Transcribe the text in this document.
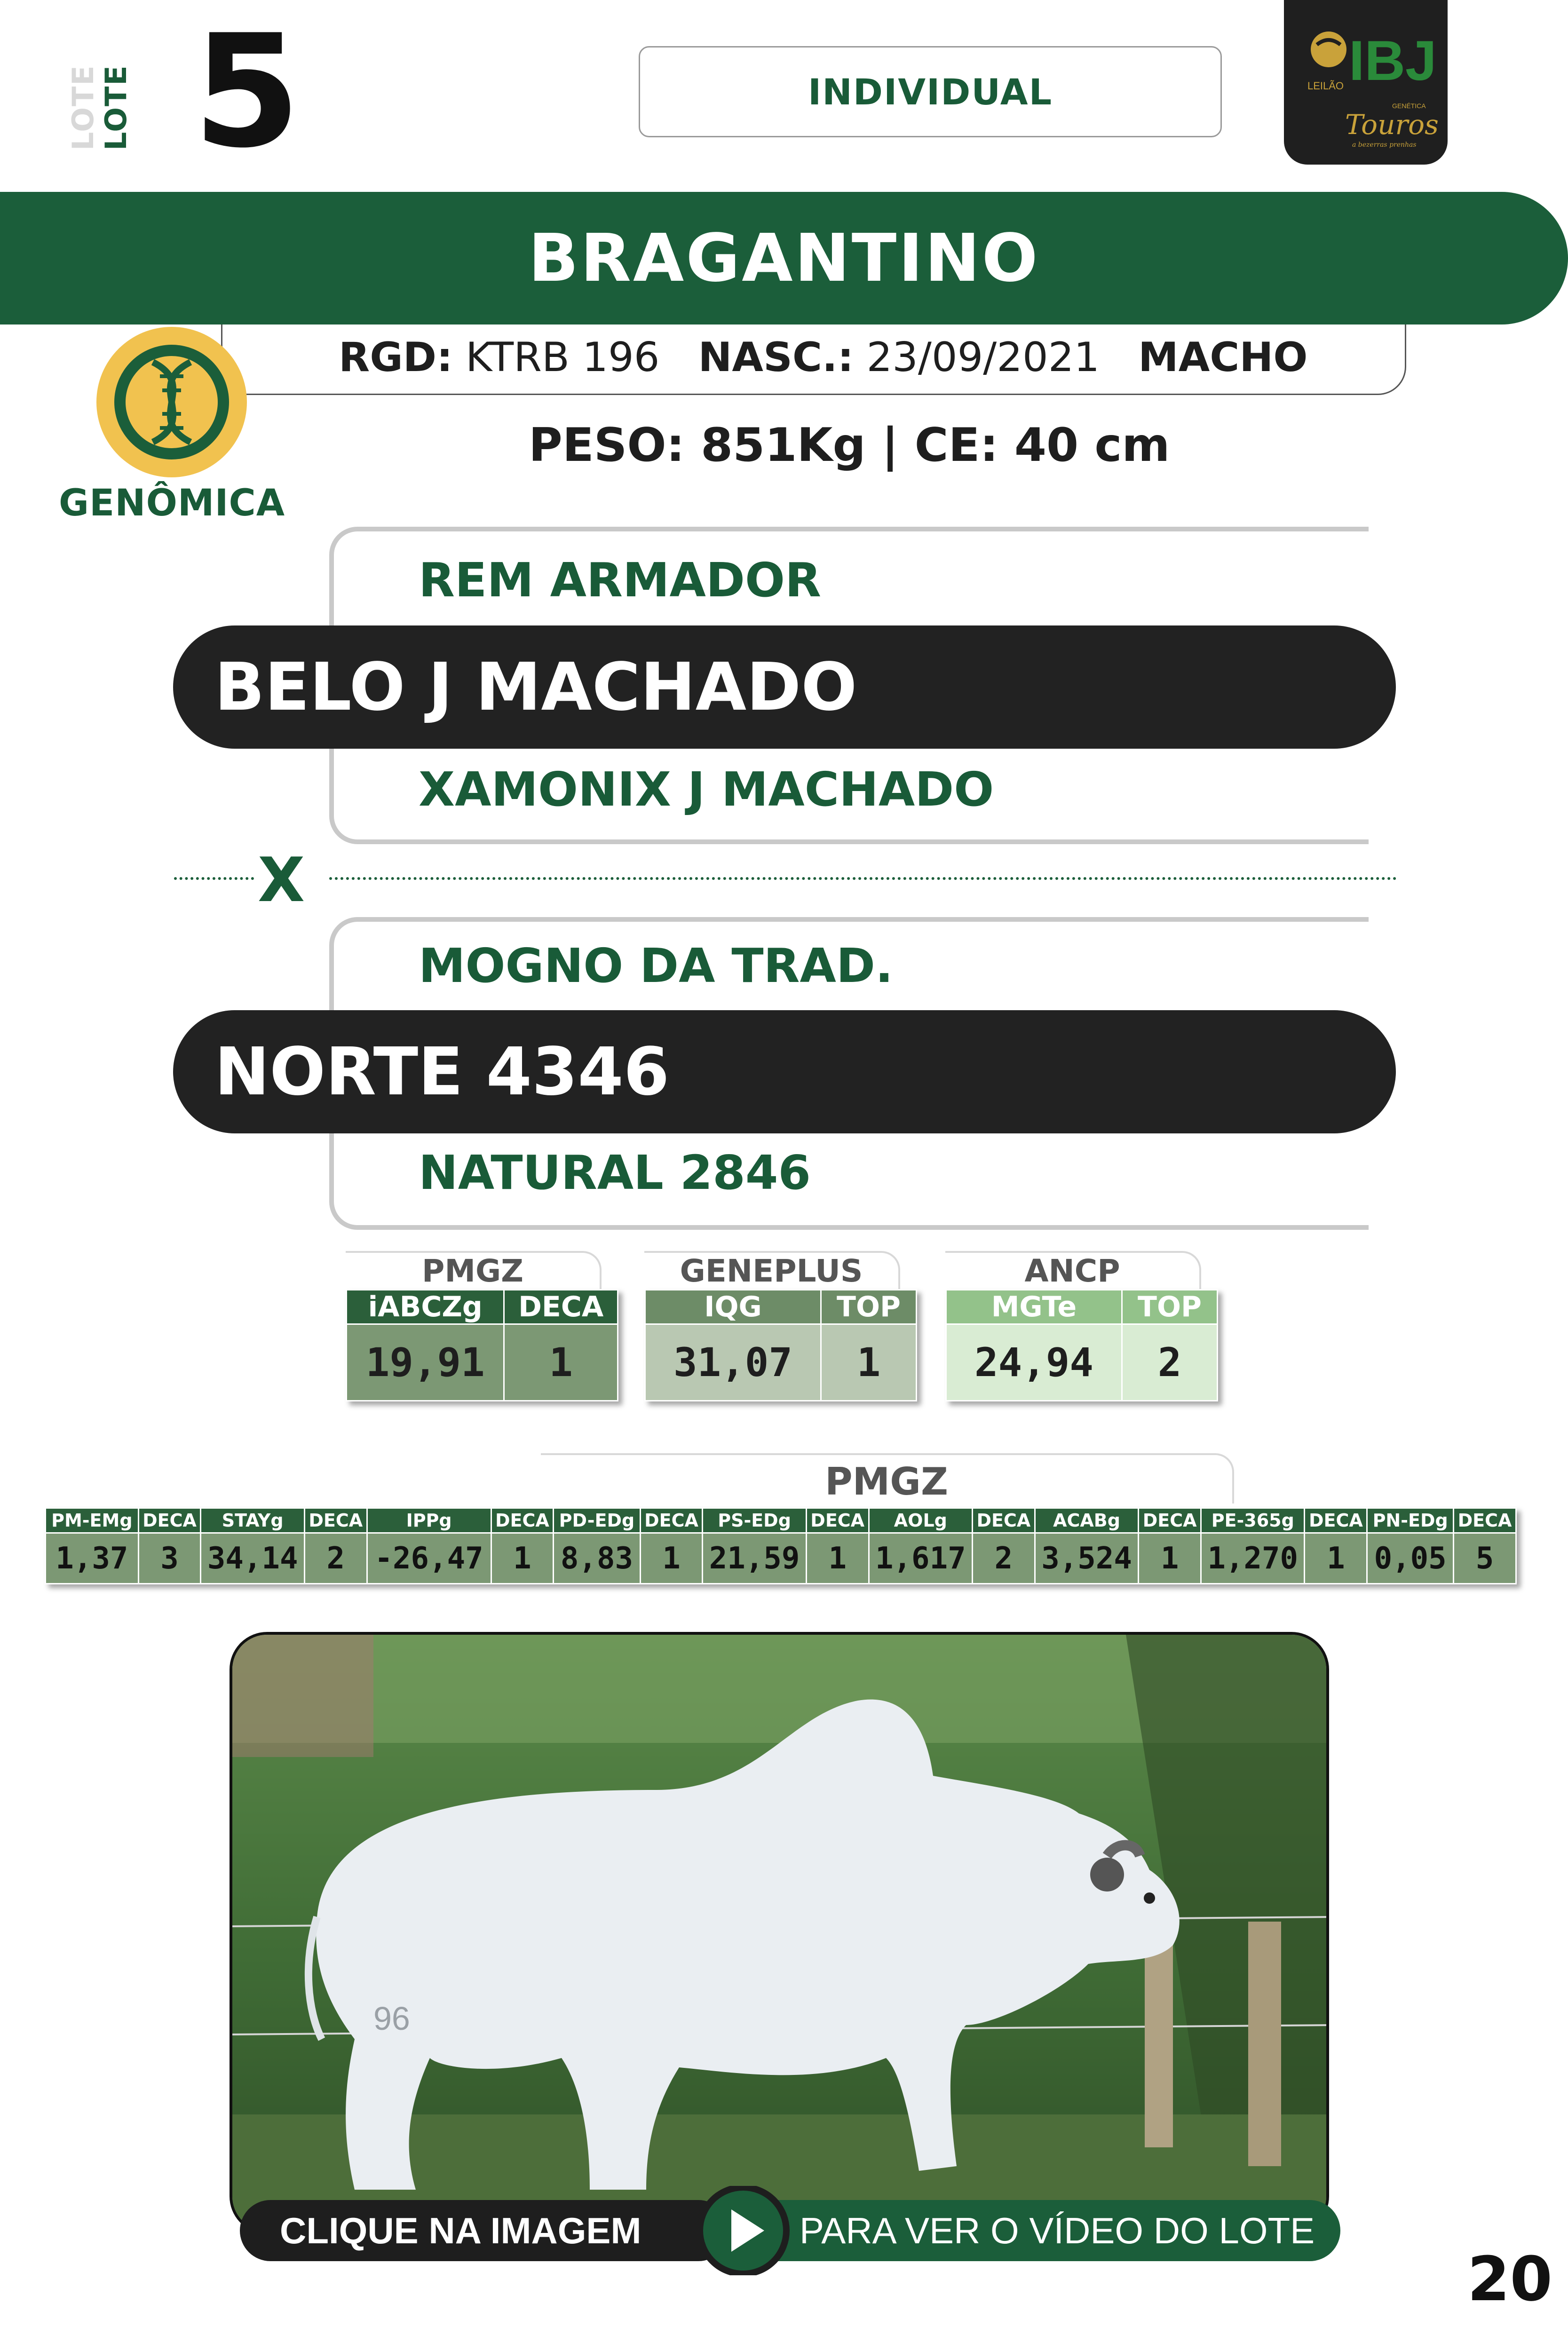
LOTE
LOTE 5	INDIVIDUAL	IBJ
LEILÃO
GENÉTICA
Touros
a bezerras prenhas
BRAGANTINO
RGD: KTRB 196 NASC.: 23/09/2021 MACHO
PESO: 851Kg | CE: 40 cm
GENÔMICA
REM ARMADOR
BELO J MACHADO
XAMONIX J MACHADO
X
MOGNO DA TRAD.
NORTE 4346
NATURAL 2846
PMGZ
iABCZg	DECA
19,91	1
GENEPLUS
IQG	TOP
31,07	1
ANCP
MGTe	TOP
24,94	2
PMGZ
PM-EMg	DECA	STAYg	DECA	IPPg	DECA	PD-EDg	DECA	PS-EDg	DECA	AOLg	DECA	ACABg	DECA	PE-365g	DECA	PN-EDg	DECA
1,37	3	34,14	2	-26,47	1	8,83	1	21,59	1	1,617	2	3,524	1	1,270	1	0,05	5
96
CLIQUE NA IMAGEM	PARA VER O VÍDEO DO LOTE
20
